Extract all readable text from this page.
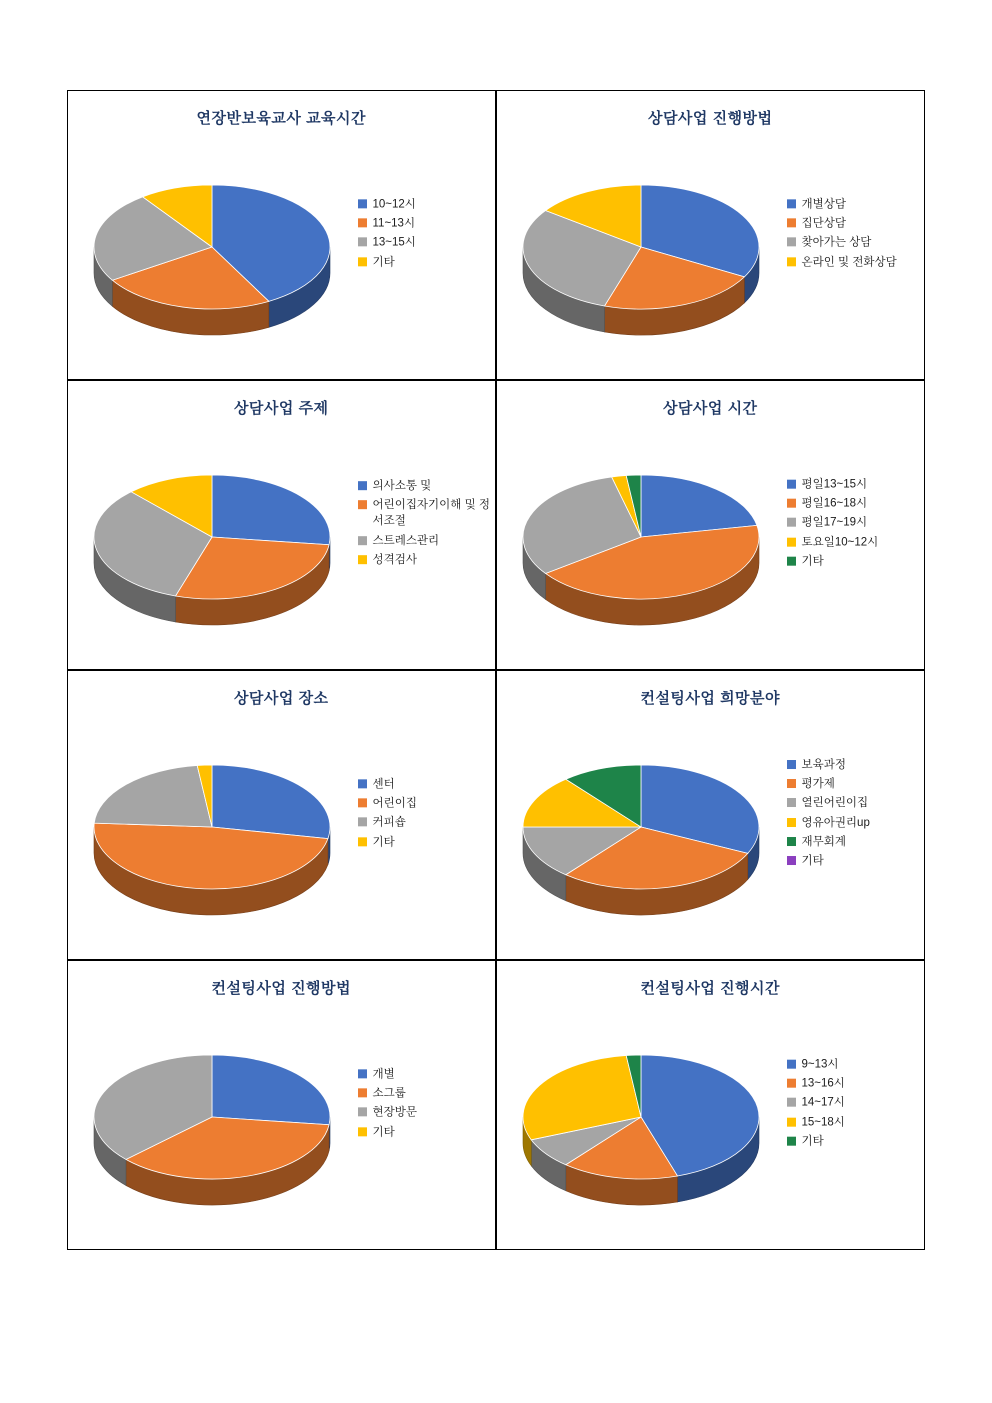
연장반보육교사 교육시간
10~12시
11~13시
13~15시
기타
상담사업 진행방법
개별상담
집단상담
찾아가는 상담
온라인 및 전화상담
상담사업 주제
의사소통 및
어린이집자기이해 및 정서조절
스트레스관리
성격검사
상담사업 시간
평일13~15시
평일16~18시
평일17~19시
토요일10~12시
기타
상담사업 장소
센터
어린이집
커피숍
기타
컨설팅사업 희망분야
보육과정
평가제
열린어린이집
영유아권리up
재무회계
기타
컨설팅사업 진행방법
개별
소그룹
현장방문
기타
컨설팅사업 진행시간
9~13시
13~16시
14~17시
15~18시
기타
